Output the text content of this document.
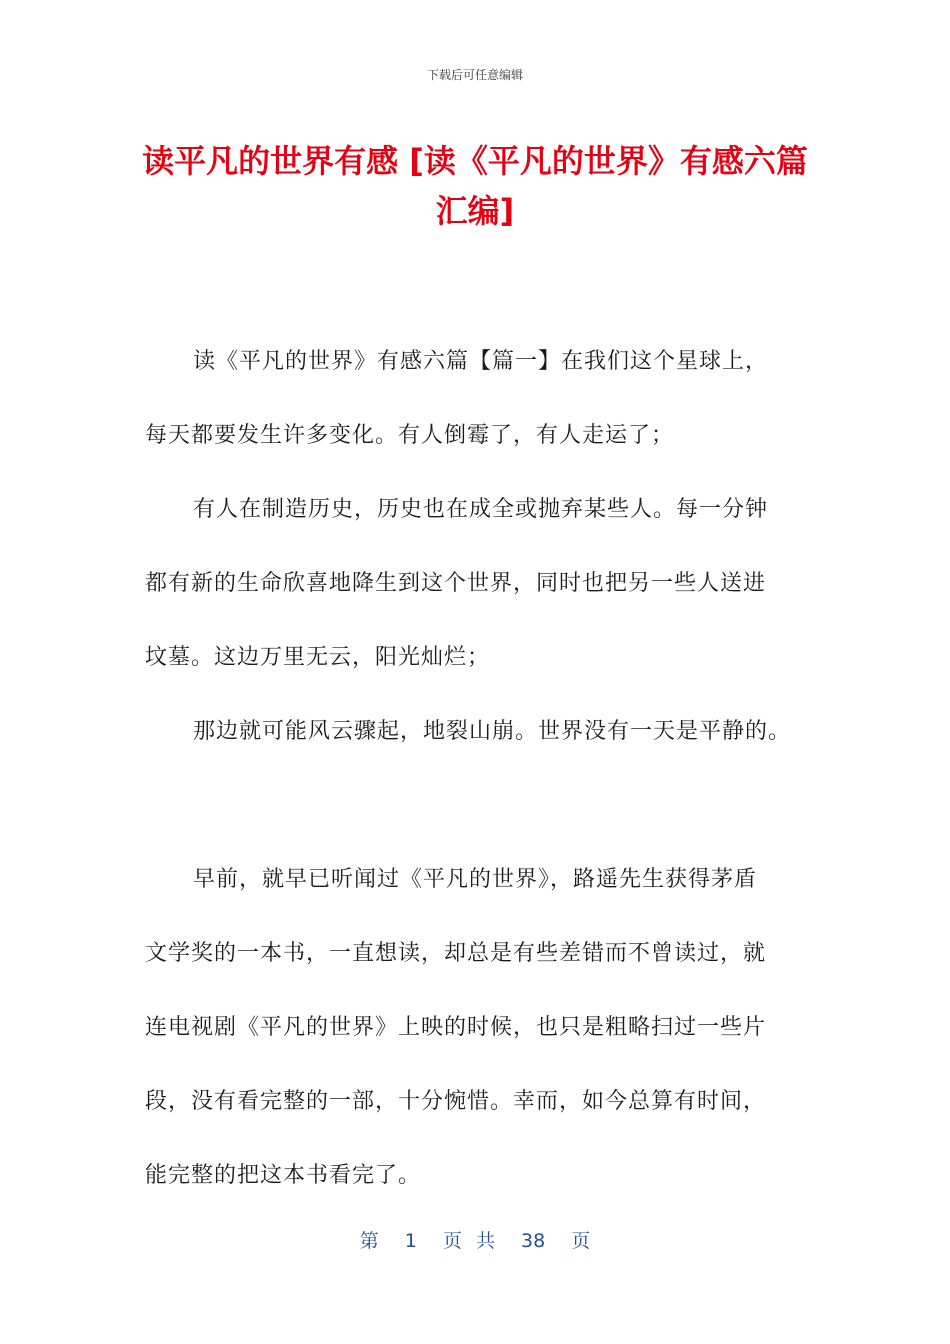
下载后可任意编辑
读平凡的世界有感 [读《平凡的世界》有感六篇汇编]

读《平凡的世界》有感六篇【篇一】在我们这个星球上，

每天都要发生许多变化。有人倒霉了，有人走运了；

有人在制造历史，历史也在成全或抛弃某些人。每一分钟

都有新的生命欣喜地降生到这个世界，同时也把另一些人送进

坟墓。这边万里无云，阳光灿烂；

那边就可能风云骤起，地裂山崩。世界没有一天是平静的。

早前，就早已听闻过《平凡的世界》，路遥先生获得茅盾

文学奖的一本书，一直想读，却总是有些差错而不曾读过，就

连电视剧《平凡的世界》上映的时候，也只是粗略扫过一些片

段，没有看完整的一部，十分惋惜。幸而，如今总算有时间，

能完整的把这本书看完了。

第 1 页 共 38 页
